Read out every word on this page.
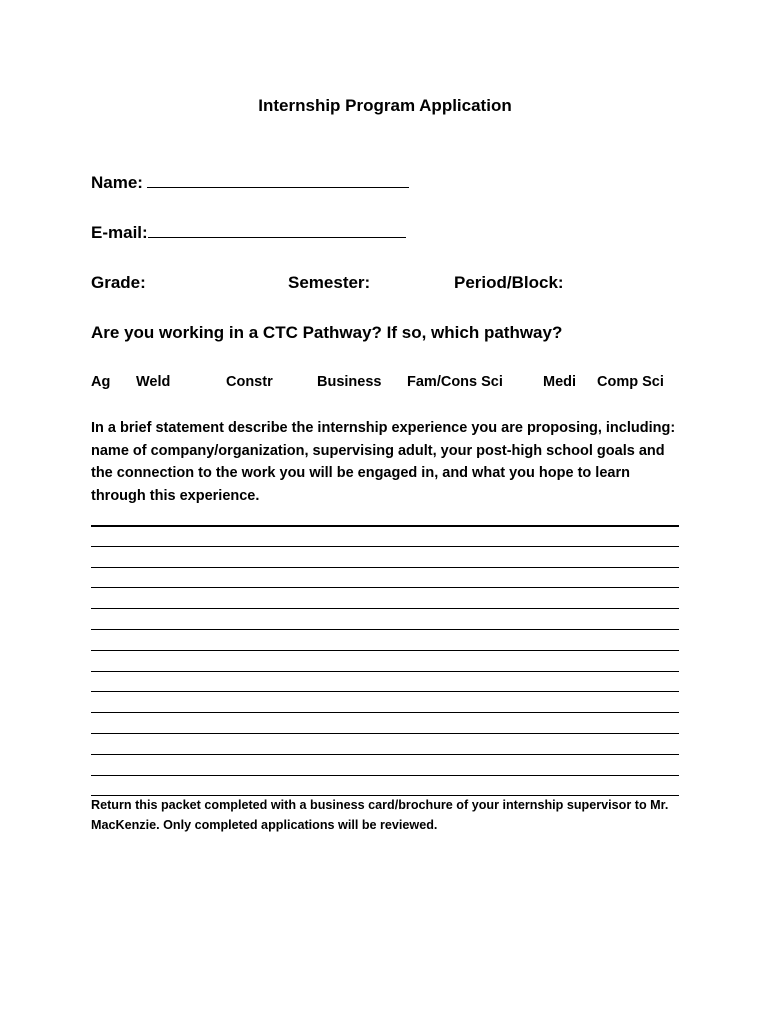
Internship Program Application
Name:
E-mail:
Grade:	Semester:	Period/Block:
Are you working in a CTC Pathway? If so, which pathway?
Ag Weld	Constr	Business Fam/Cons Sci	Medi Comp Sci
In a brief statement describe the internship experience you are proposing, including: name of company/organization, supervising adult, your post-high school goals and the connection to the work you will be engaged in, and what you hope to learn through this experience.
Return this packet completed with a business card/brochure of your internship supervisor to Mr. MacKenzie. Only completed applications will be reviewed.
